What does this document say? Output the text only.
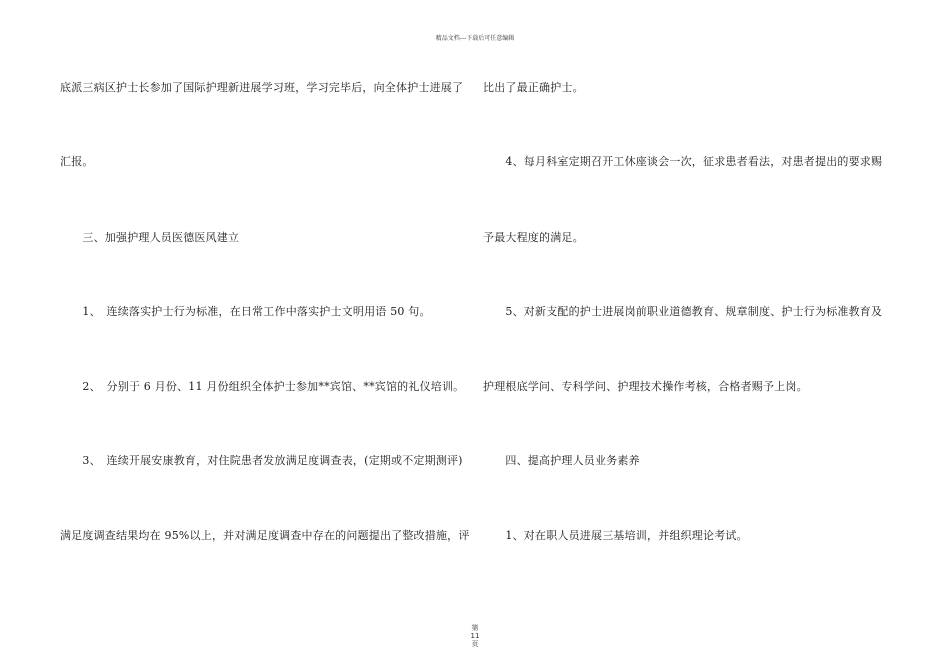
精品文档---下载后可任意编辑
底派三病区护士长参加了国际护理新进展学习班，学习完毕后，向全体护士进展了
汇报。
　　三、加强护理人员医德医风建立
　　1、　连续落实护士行为标准，在日常工作中落实护士文明用语 50 句。
　　2、　分别于 6 月份、11 月份组织全体护士参加**宾馆、**宾馆的礼仪培训。
　　3、　连续开展安康教育，对住院患者发放满足度调查表，(定期或不定期测评)
满足度调查结果均在 95%以上，并对满足度调查中存在的问题提出了整改措施，评
比出了最正确护士。
　　4、每月科室定期召开工休座谈会一次，征求患者看法，对患者提出的要求赐
予最大程度的满足。
　　5、对新支配的护士进展岗前职业道德教育、规章制度、护士行为标准教育及
护理根底学问、专科学问、护理技术操作考核，合格者赐予上岗。
　　四、提高护理人员业务素养
　　1、对在职人员进展三基培训，并组织理论考试。
第
11
页
